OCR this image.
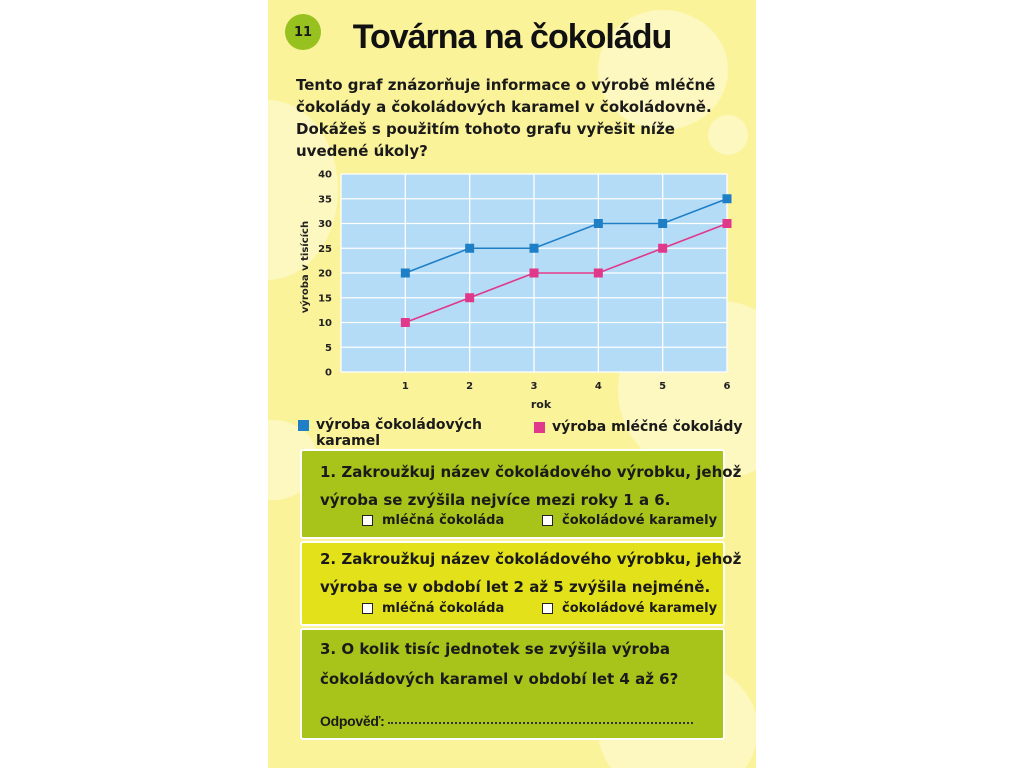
11	Továrna na čokoládu

Tento graf znázorňuje informace o výrobě mléčné
čokolády a čokoládových karamel v čokoládovně.
Dokážeš s použitím tohoto grafu vyřešit níže
uvedené úkoly?

0
5
10
15
20
25
30
35
40
1	2	3	4	5	6
rok
výroba v tisících
výroba čokoládových
karamel
výroba mléčné čokolády

1. Zakroužkuj název čokoládového výrobku, jehož
výroba se zvýšila nejvíce mezi roky 1 a 6.

mléčná čokoláda	čokoládové karamely

2. Zakroužkuj název čokoládového výrobku, jehož
výroba se v období let 2 až 5 zvýšila nejméně.

mléčná čokoláda	čokoládové karamely

3. O kolik tisíc jednotek se zvýšila výroba
čokoládových karamel v období let 4 až 6?

Odpověď:
